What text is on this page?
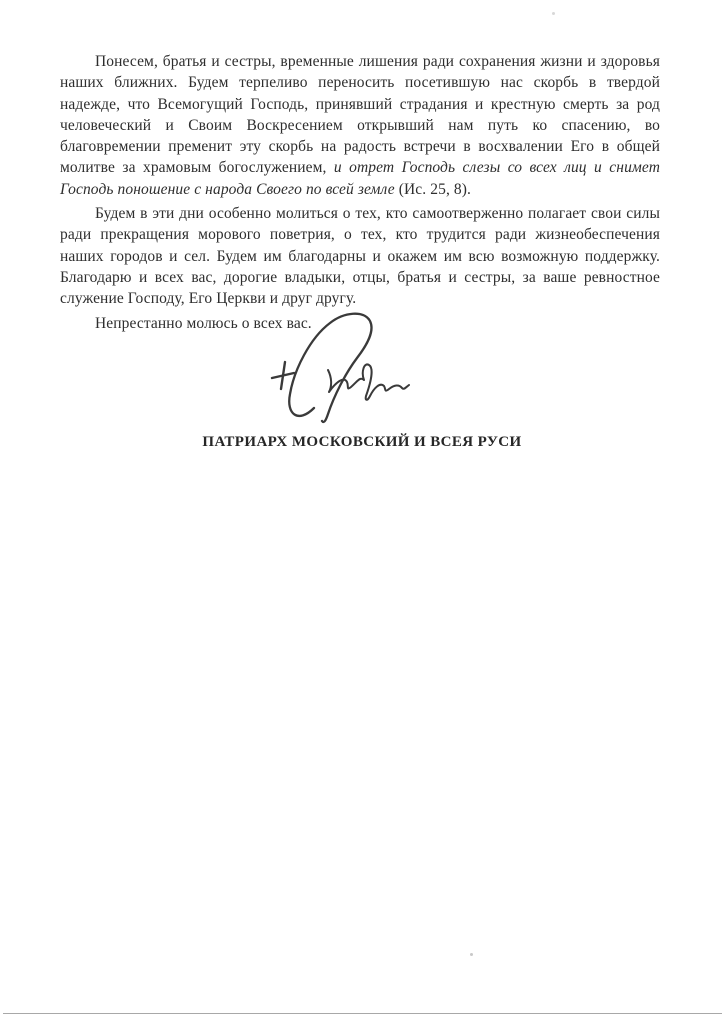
Понесем, братья и сестры, временные лишения ради сохранения жизни и здоровья наших ближних. Будем терпеливо переносить посетившую нас скорбь в твердой надежде, что Всемогущий Господь, принявший страдания и крестную смерть за род человеческий и Своим Воскресением открывший нам путь ко спасению, во благовремении пременит эту скорбь на радость встречи в восхвалении Его в общей молитве за храмовым богослужением, и отрет Господь слезы со всех лиц и снимет Господь поношение с народа Своего по всей земле (Ис. 25, 8).

Будем в эти дни особенно молиться о тех, кто самоотверженно полагает свои силы ради прекращения морового поветрия, о тех, кто трудится ради жизнеобеспечения наших городов и сел. Будем им благодарны и окажем им всю возможную поддержку. Благодарю и всех вас, дорогие владыки, отцы, братья и сестры, за ваше ревностное служение Господу, Его Церкви и друг другу.

Непрестанно молюсь о всех вас.

ПАТРИАРХ МОСКОВСКИЙ И ВСЕЯ РУСИ
